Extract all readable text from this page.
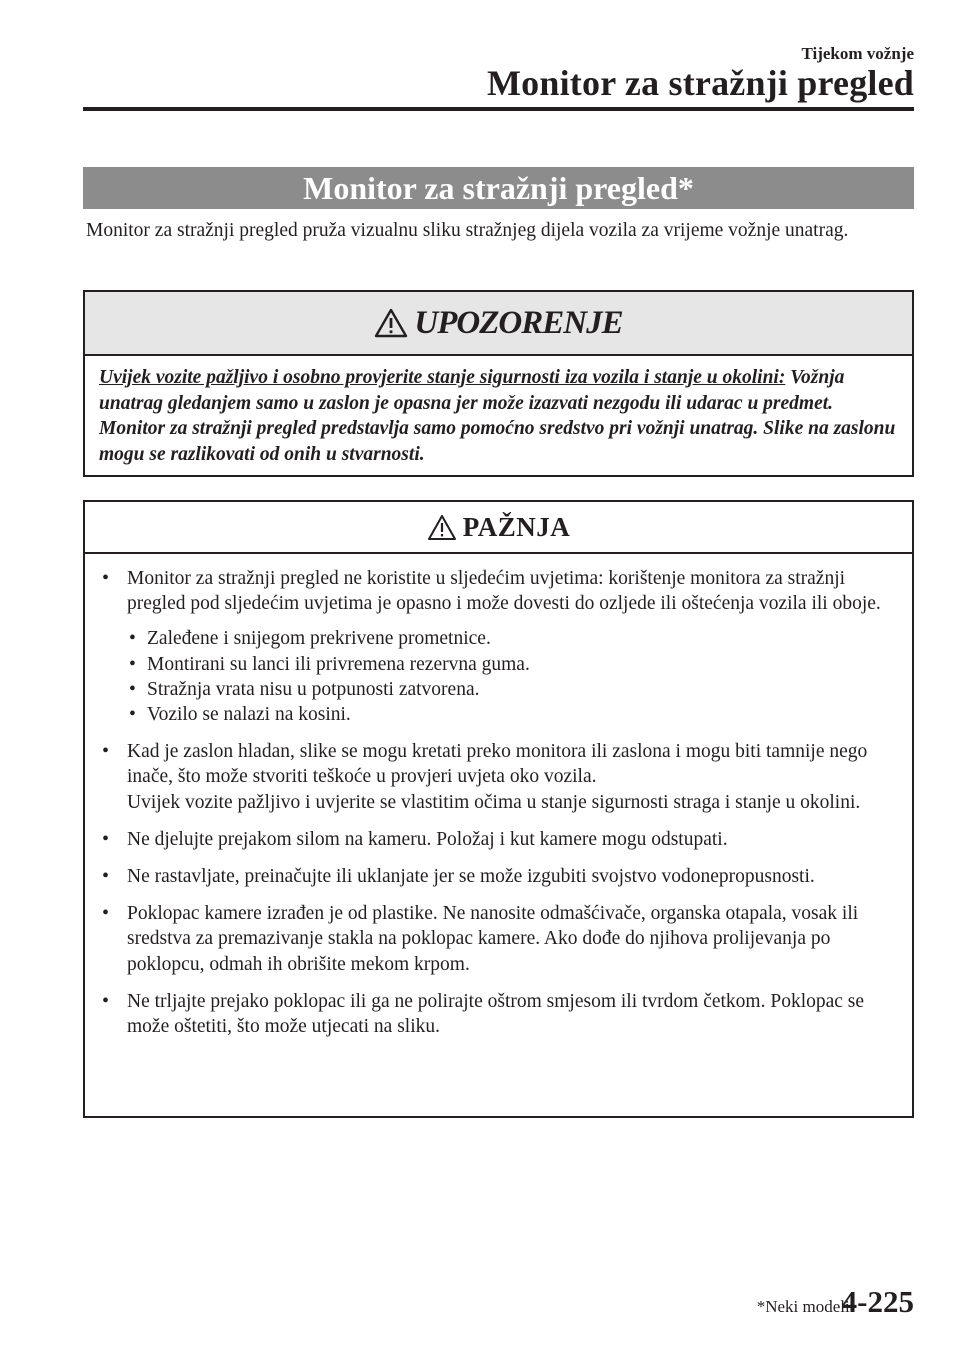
Tijekom vožnje
Monitor za stražnji pregled
Monitor za stražnji pregled*

Monitor za stražnji pregled pruža vizualnu sliku stražnjeg dijela vozila za vrijeme vožnje unatrag.

UPOZORENJE
Uvijek vozite pažljivo i osobno provjerite stanje sigurnosti iza vozila i stanje u okolini: Vožnja unatrag gledanjem samo u zaslon je opasna jer može izazvati nezgodu ili udarac u predmet. Monitor za stražnji pregled predstavlja samo pomoćno sredstvo pri vožnji unatrag. Slike na zaslonu mogu se razlikovati od onih u stvarnosti.
PAŽNJA
• Monitor za stražnji pregled ne koristite u sljedećim uvjetima: korištenje monitora za stražnji pregled pod sljedećim uvjetima je opasno i može dovesti do ozljede ili oštećenja vozila ili oboje.
• Zaleđene i snijegom prekrivene prometnice.
• Montirani su lanci ili privremena rezervna guma.
• Stražnja vrata nisu u potpunosti zatvorena.
• Vozilo se nalazi na kosini.
• Kad je zaslon hladan, slike se mogu kretati preko monitora ili zaslona i mogu biti tamnije nego inače, što može stvoriti teškoće u provjeri uvjeta oko vozila.
Uvijek vozite pažljivo i uvjerite se vlastitim očima u stanje sigurnosti straga i stanje u okolini.
• Ne djelujte prejakom silom na kameru. Položaj i kut kamere mogu odstupati.
• Ne rastavljate, preinačujte ili uklanjate jer se može izgubiti svojstvo vodonepropusnosti.
• Poklopac kamere izrađen je od plastike. Ne nanosite odmašćivače, organska otapala, vosak ili sredstva za premazivanje stakla na poklopac kamere. Ako dođe do njihova prolijevanja po poklopcu, odmah ih obrišite mekom krpom.
• Ne trljajte prejako poklopac ili ga ne polirajte oštrom smjesom ili tvrdom četkom. Poklopac se može oštetiti, što može utjecati na sliku.
*Neki modeli.
4-225
